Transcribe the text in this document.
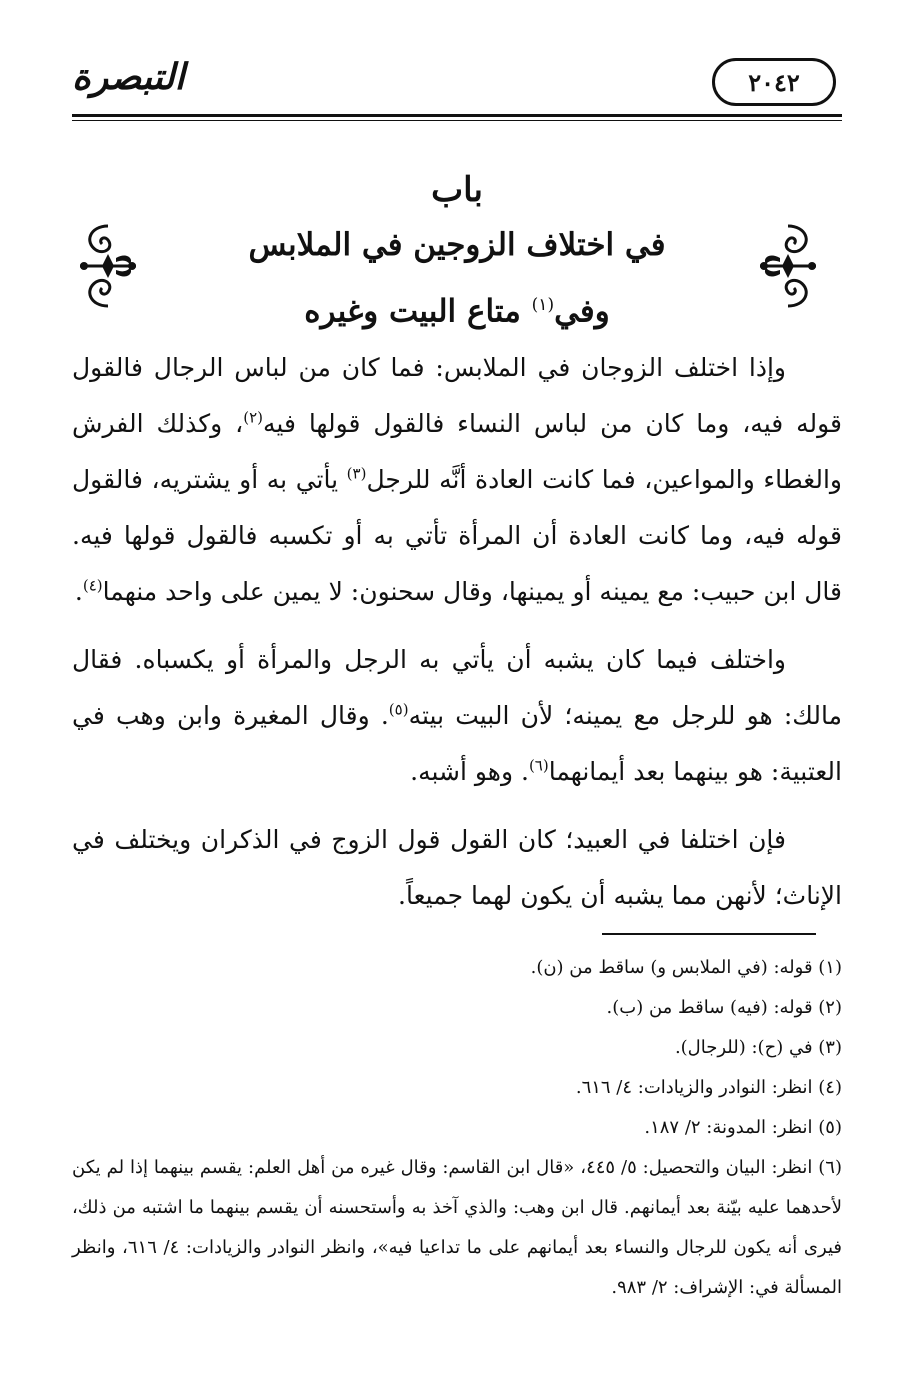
التبصرة	٢٠٤٢
باب
في اختلاف الزوجين في الملابس
وفي$^{(١)}$ متاع البيت وغيره

وإذا اختلف الزوجان في الملابس: فما كان من لباس الرجال فالقول قوله فيه، وما كان من لباس النساء فالقول قولها فيه$^{(٢)}$، وكذلك الفرش والغطاء والمواعين، فما كانت العادة أنَّه للرجل$^{(٣)}$ يأتي به أو يشتريه، فالقول قوله فيه، وما كانت العادة أن المرأة تأتي به أو تكسبه فالقول قولها فيه. قال ابن حبيب: مع يمينه أو يمينها، وقال سحنون: لا يمين على واحد منهما$^{(٤)}$.

واختلف فيما كان يشبه أن يأتي به الرجل والمرأة أو يكسباه. فقال مالك: هو للرجل مع يمينه؛ لأن البيت بيته$^{(٥)}$. وقال المغيرة وابن وهب في العتبية: هو بينهما بعد أيمانهما$^{(٦)}$. وهو أشبه.

فإن اختلفا في العبيد؛ كان القول قول الزوج في الذكران ويختلف في الإناث؛ لأنهن مما يشبه أن يكون لهما جميعاً.

(١) قوله: (في الملابس و) ساقط من (ن).

(٢) قوله: (فيه) ساقط من (ب).

(٣) في (ح): (للرجال).

(٤) انظر: النوادر والزيادات: ٤/ ٦١٦.

(٥) انظر: المدونة: ٢/ ١٨٧.

(٦) انظر: البيان والتحصيل: ٥/ ٤٤٥، «قال ابن القاسم: وقال غيره من أهل العلم: يقسم بينهما إذا لم يكن لأحدهما عليه بيّنة بعد أيمانهم. قال ابن وهب: والذي آخذ به وأستحسنه أن يقسم بينهما ما اشتبه من ذلك، فيرى أنه يكون للرجال والنساء بعد أيمانهم على ما تداعيا فيه»، وانظر النوادر والزيادات: ٤/ ٦١٦، وانظر المسألة في: الإشراف: ٢/ ٩٨٣.
